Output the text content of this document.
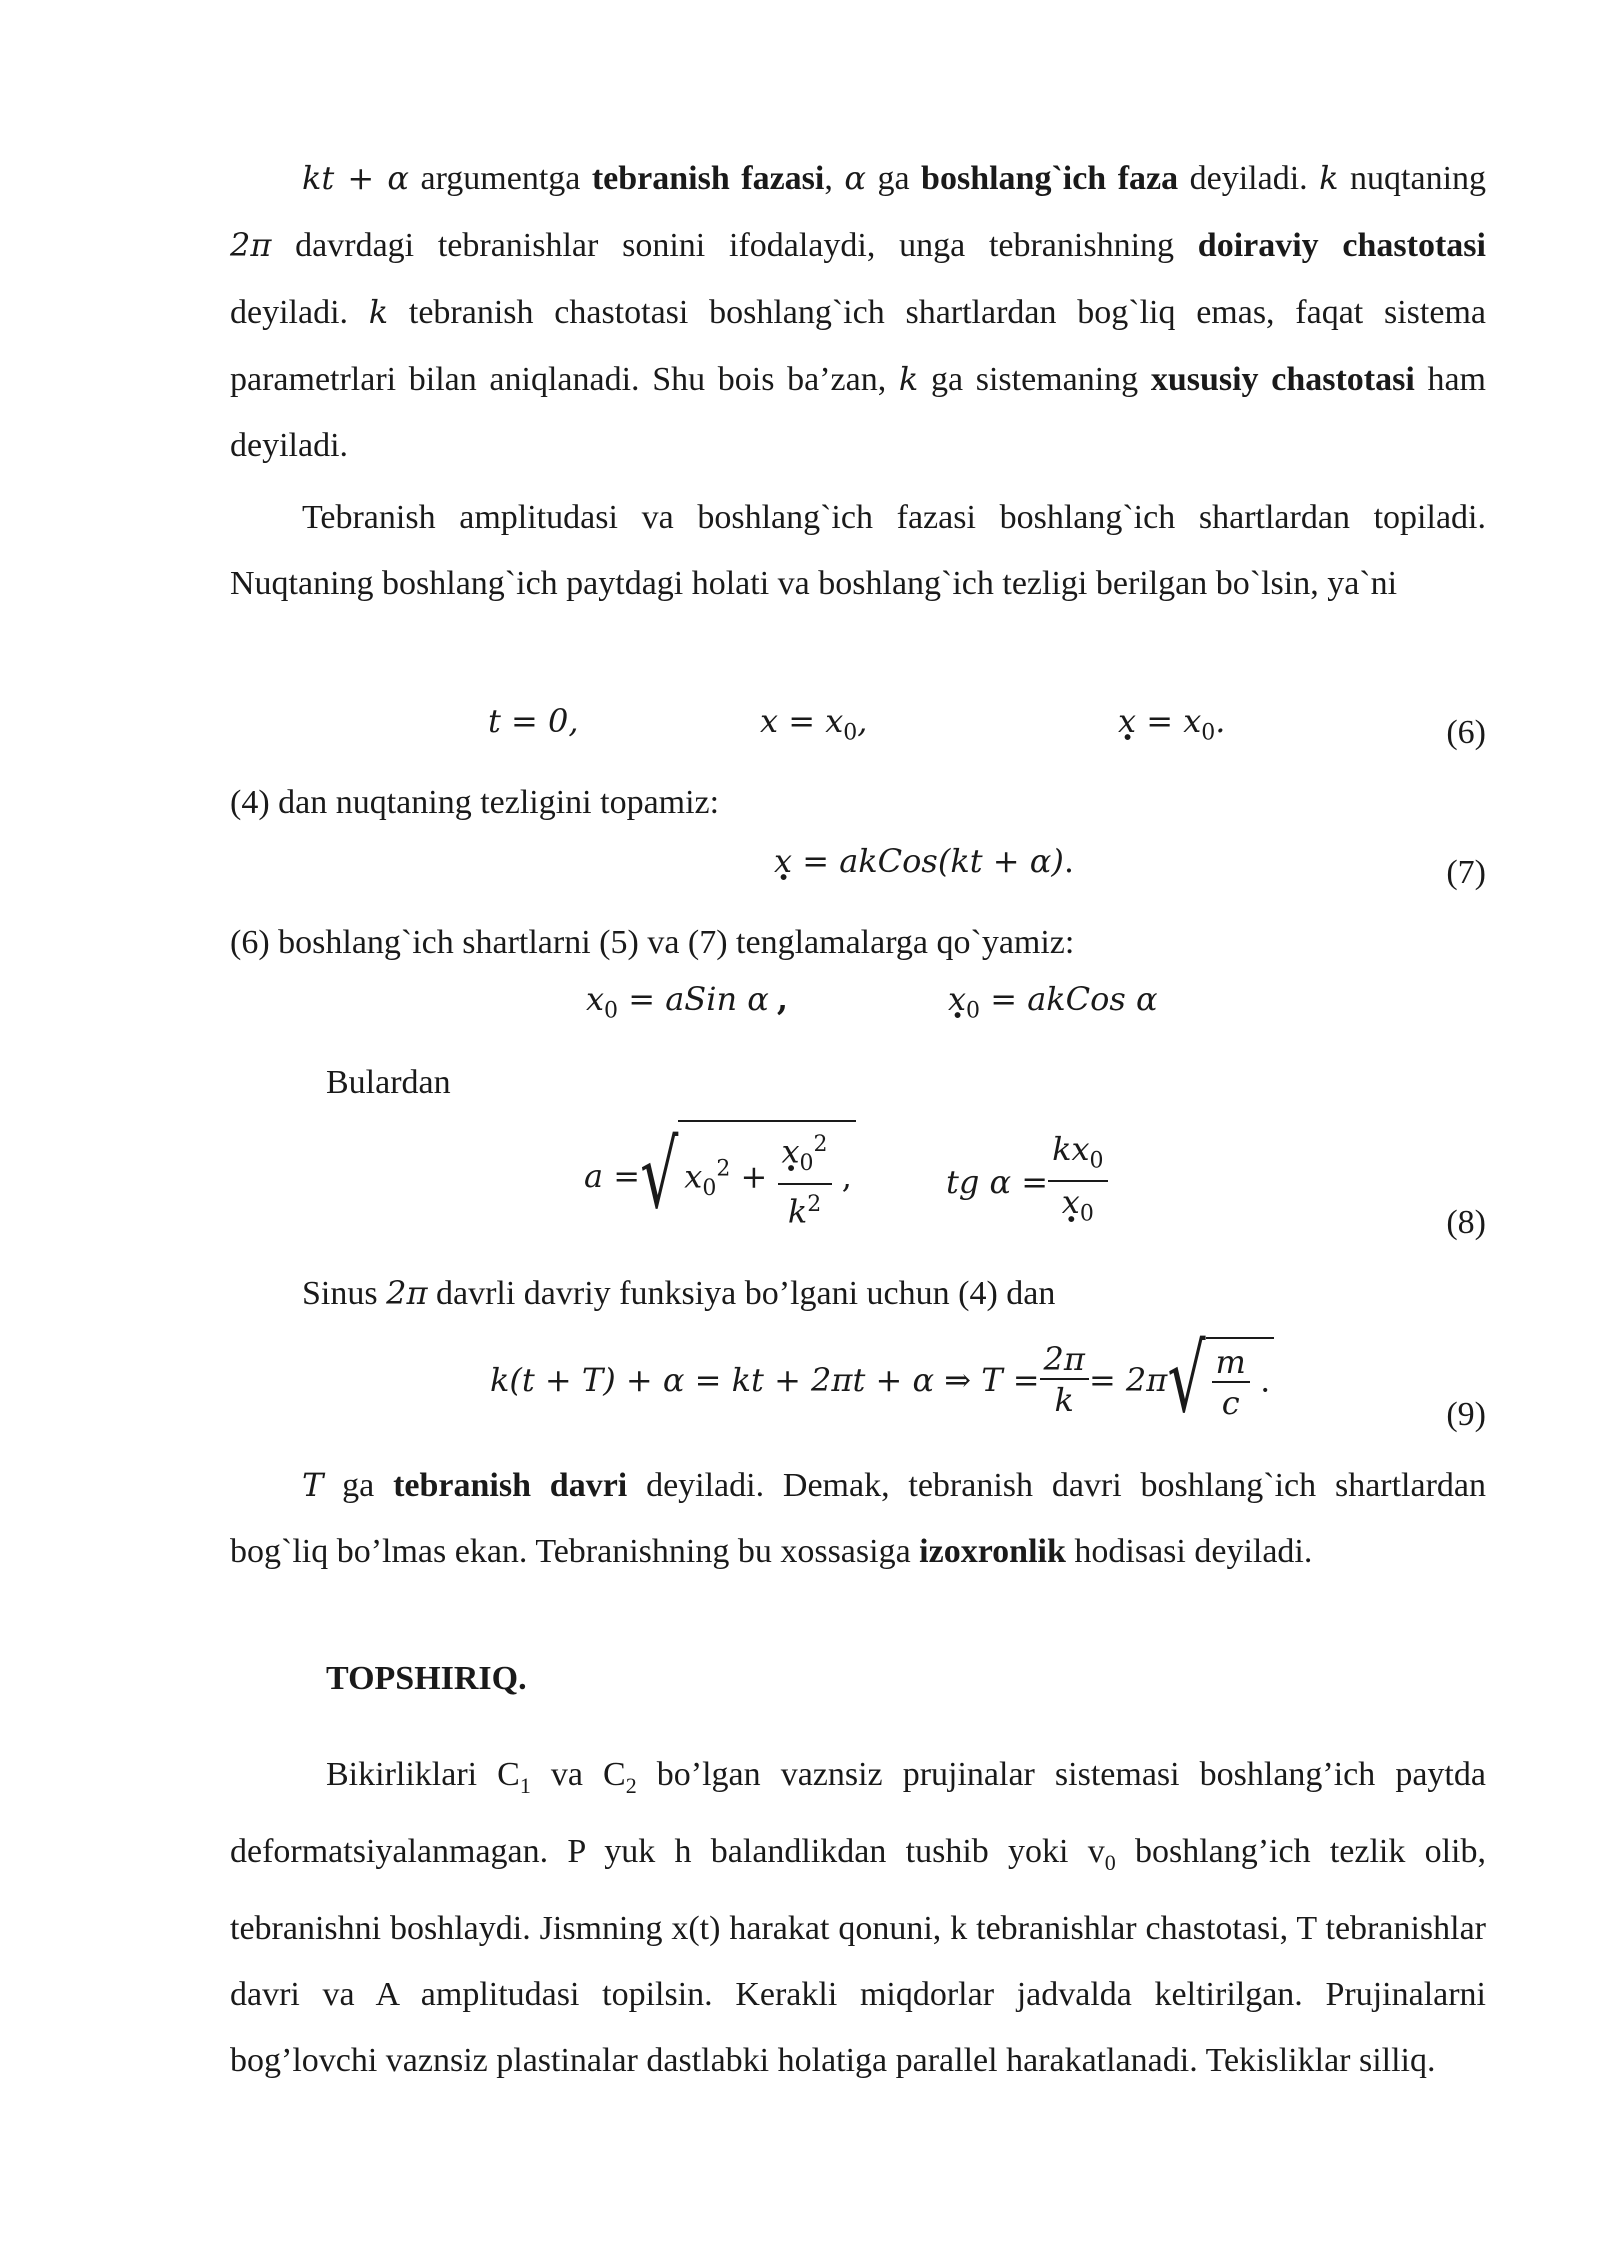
kt + α argumentga tebranish fazasi, α ga boshlang`ich faza deyiladi. k nuqtaning 2π davrdagi tebranishlar sonini ifodalaydi, unga tebranishning doiraviy chastotasi deyiladi. k tebranish chastotasi boshlang`ich shartlardan bog`liq emas, faqat sistema parametrlari bilan aniqlanadi. Shu bois ba’zan, k ga sistemaning xususiy chastotasi ham deyiladi.

Tebranish amplitudasi va boshlang`ich fazasi boshlang`ich shartlardan topiladi. Nuqtaning boshlang`ich paytdagi holati va boshlang`ich tezligi berilgan bo`lsin, ya`ni

t = 0,	$x = x_0$,	$x = x_0$.	(6)

(4) dan nuqtaning tezligini topamiz:

x = akCos(kt + α).	(7)

(6) boshlang`ich shartlarni (5) va (7) tenglamalarga qo`yamiz:

$x_0$ = aSin α ,	$x_0$ = akCos α

Bulardan

a = √ $x_0^2 + \frac{x_0^2}{k^2}$ ,	tg $\alpha = \frac{kx_0}{x_0}$	(8)

Sinus 2π davrli davriy funksiya bo’lgani uchun (4) dan

k(t + T) + α = kt + 2πt + α ⇒ $T = \frac{2\pi}{k} = 2\pi$ √ $\frac{m}{c}$ .
(9)

T ga tebranish davri deyiladi. Demak, tebranish davri boshlang`ich shartlardan bog`liq bo’lmas ekan. Tebranishning bu xossasiga izoxronlik hodisasi deyiladi.

TOPSHIRIQ.

Bikirliklari $C_1$ va $C_2$ bo’lgan vaznsiz prujinalar sistemasi boshlang’ich paytda deformatsiyalanmagan. P yuk h balandlikdan tushib yoki $v_0$ boshlang’ich tezlik olib, tebranishni boshlaydi. Jismning x(t) harakat qonuni, k tebranishlar chastotasi, T tebranishlar davri va A amplitudasi topilsin. Kerakli miqdorlar jadvalda keltirilgan. Prujinalarni bog’lovchi vaznsiz plastinalar dastlabki holatiga parallel harakatlanadi. Tekisliklar silliq.
